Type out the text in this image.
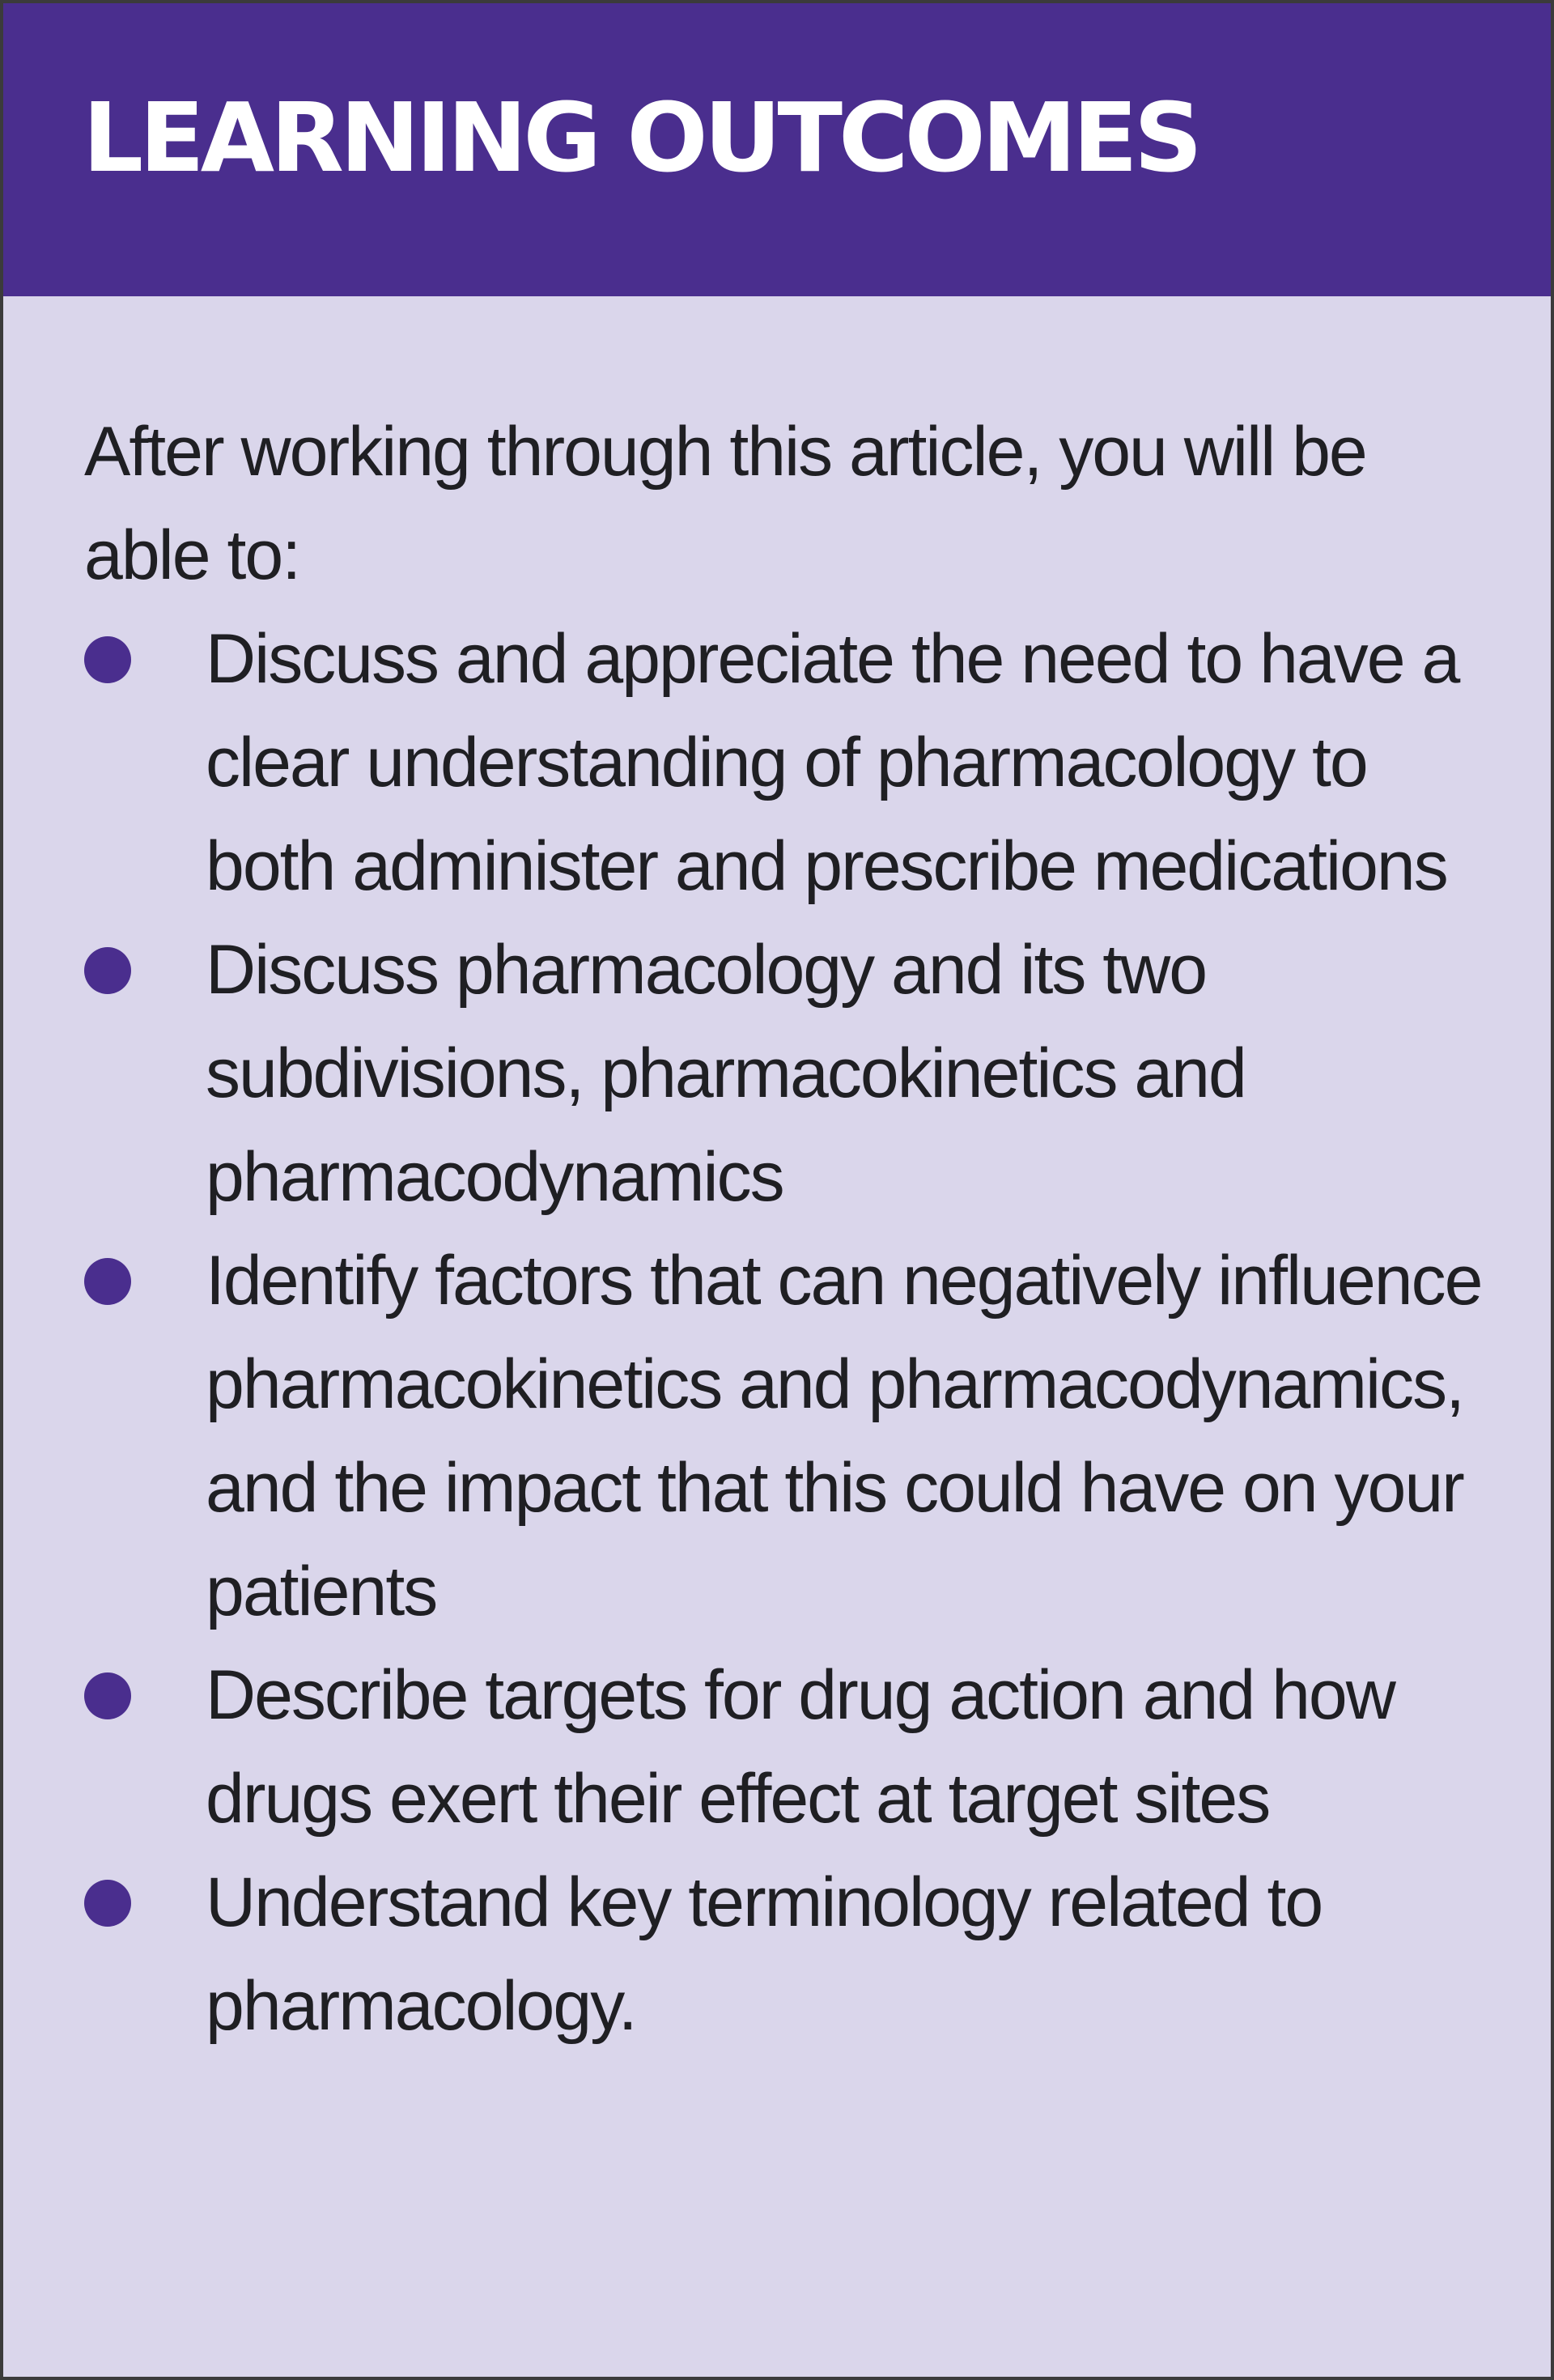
LEARNING OUTCOMES

After working through this article, you will be able to:

Discuss and appreciate the need to have a clear understanding of pharmacology to both administer and prescribe medications
Discuss pharmacology and its two subdivisions, pharmacokinetics and pharmacodynamics
Identify factors that can negatively influence pharmacokinetics and pharmacodynamics, and the impact that this could have on your patients
Describe targets for drug action and how drugs exert their effect at target sites
Understand key terminology related to pharmacology.
